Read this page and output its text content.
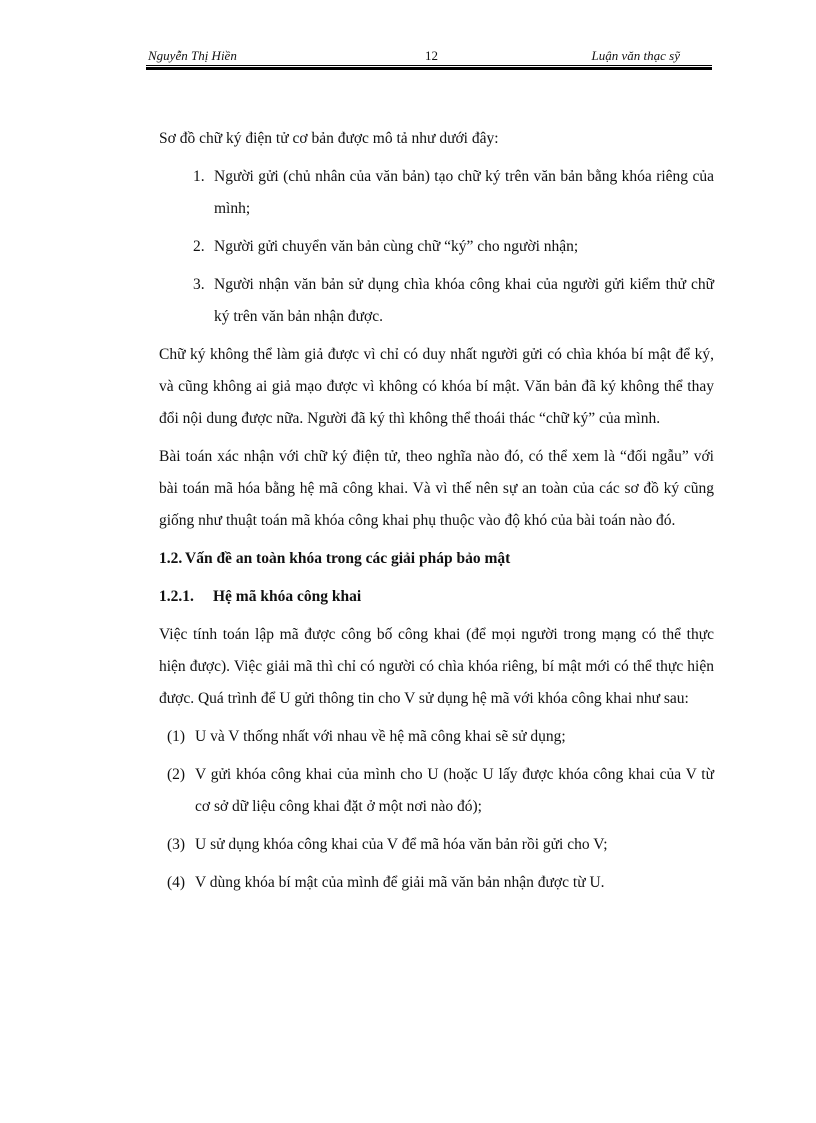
Nguyễn Thị Hiền	12	Luận văn thạc sỹ

Sơ đồ chữ ký điện tử cơ bản được mô tả như dưới đây:

1. Người gửi (chủ nhân của văn bản) tạo chữ ký trên văn bản bằng khóa riêng của mình;
2. Người gửi chuyển văn bản cùng chữ “ký” cho người nhận;
3. Người nhận văn bản sử dụng chìa khóa công khai của người gửi kiểm thử chữ ký trên văn bản nhận được.

Chữ ký không thể làm giả được vì chỉ có duy nhất người gửi có chìa khóa bí mật để ký, và cũng không ai giả mạo được vì không có khóa bí mật. Văn bản đã ký không thể thay đổi nội dung được nữa. Người đã ký thì không thể thoái thác “chữ ký” của mình.

Bài toán xác nhận với chữ ký điện tử, theo nghĩa nào đó, có thể xem là “đối ngẫu” với bài toán mã hóa bằng hệ mã công khai. Và vì thế nên sự an toàn của các sơ đồ ký cũng giống như thuật toán mã khóa công khai phụ thuộc vào độ khó của bài toán nào đó.

1.2. Vấn đề an toàn khóa trong các giải pháp bảo mật
1.2.1. Hệ mã khóa công khai

Việc tính toán lập mã được công bố công khai (để mọi người trong mạng có thể thực hiện được). Việc giải mã thì chỉ có người có chìa khóa riêng, bí mật mới có thể thực hiện được. Quá trình để U gửi thông tin cho V sử dụng hệ mã với khóa công khai như sau:

(1) U và V thống nhất với nhau về hệ mã công khai sẽ sử dụng;
(2) V gửi khóa công khai của mình cho U (hoặc U lấy được khóa công khai của V từ cơ sở dữ liệu công khai đặt ở một nơi nào đó);
(3) U sử dụng khóa công khai của V để mã hóa văn bản rồi gửi cho V;
(4) V dùng khóa bí mật của mình để giải mã văn bản nhận được từ U.
